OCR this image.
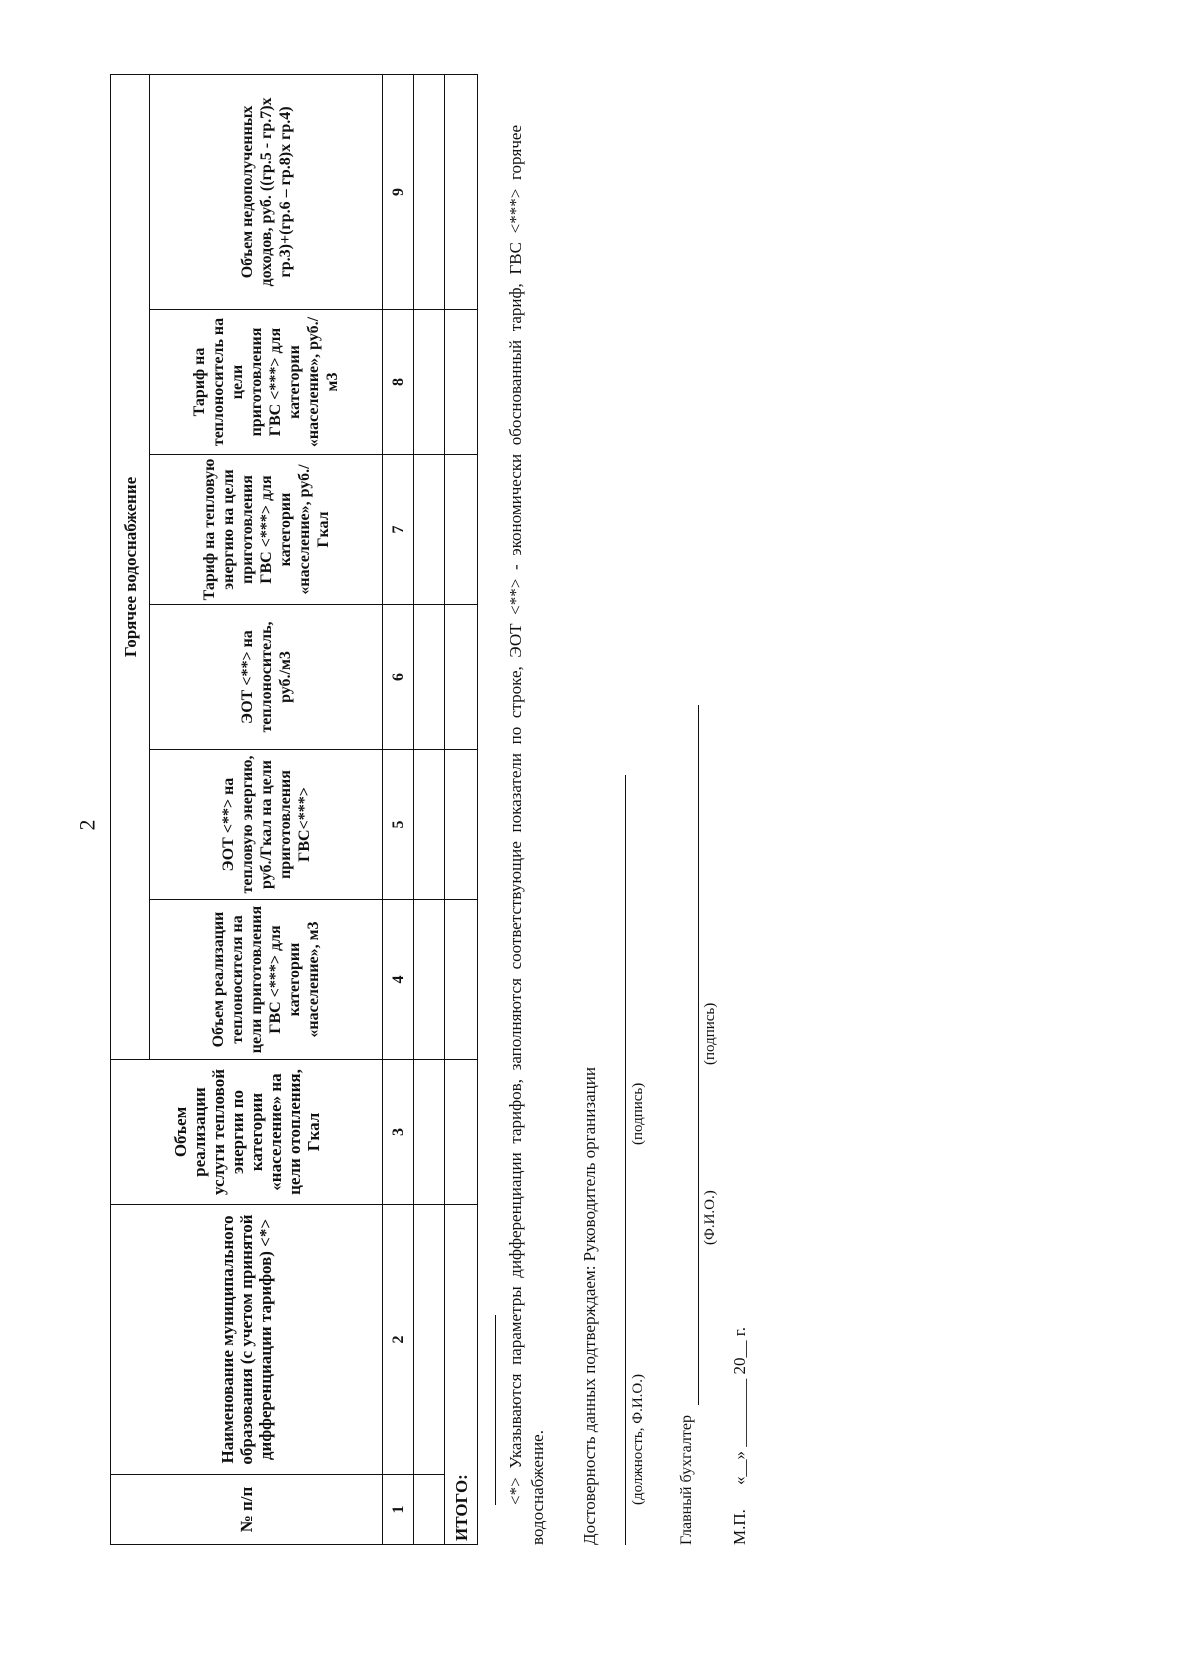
2
№ п/п	Наименование муниципального образования (с учетом принятой дифференциации тарифов) <*>	Объем реализации услуги тепловой энергии по категории «население» на цели отопления, Гкал	Горячее водоснабжение					
			Объем реализации теплоносителя на цели приготовления ГВС <***> для категории «население», м3	ЭОТ <**> на тепловую энергию, руб./Гкал на цели приготовления ГВС<***>	ЭОТ <**> на теплоноситель, руб./м3	Тариф на тепловую энергию на цели приготовления ГВС <***> для категории «население», руб./Гкал	Тариф на теплоноситель на цели приготовления ГВС <***> для категории «население», руб./м3	Объем недополученных доходов, руб. ((гр.5 - гр.7)x гр.3)+(гр.6 – гр.8)x гр.4)
1	2	3	4	5	6	7	8	9

ИТОГО:								
<*> Указываются параметры дифференциации тарифов, заполняются соответствующие показатели по строке, ЭОТ <**> - экономически обоснованный тариф, ГВС <***> горячее водоснабжение. Достоверность данных подтверждаем: Руководитель организации (должность, Ф.И.О.)
(подпись)
Главный бухгалтер
(Ф.И.О.)
(подпись)
М.П.
«__» ________ 20__ г.
